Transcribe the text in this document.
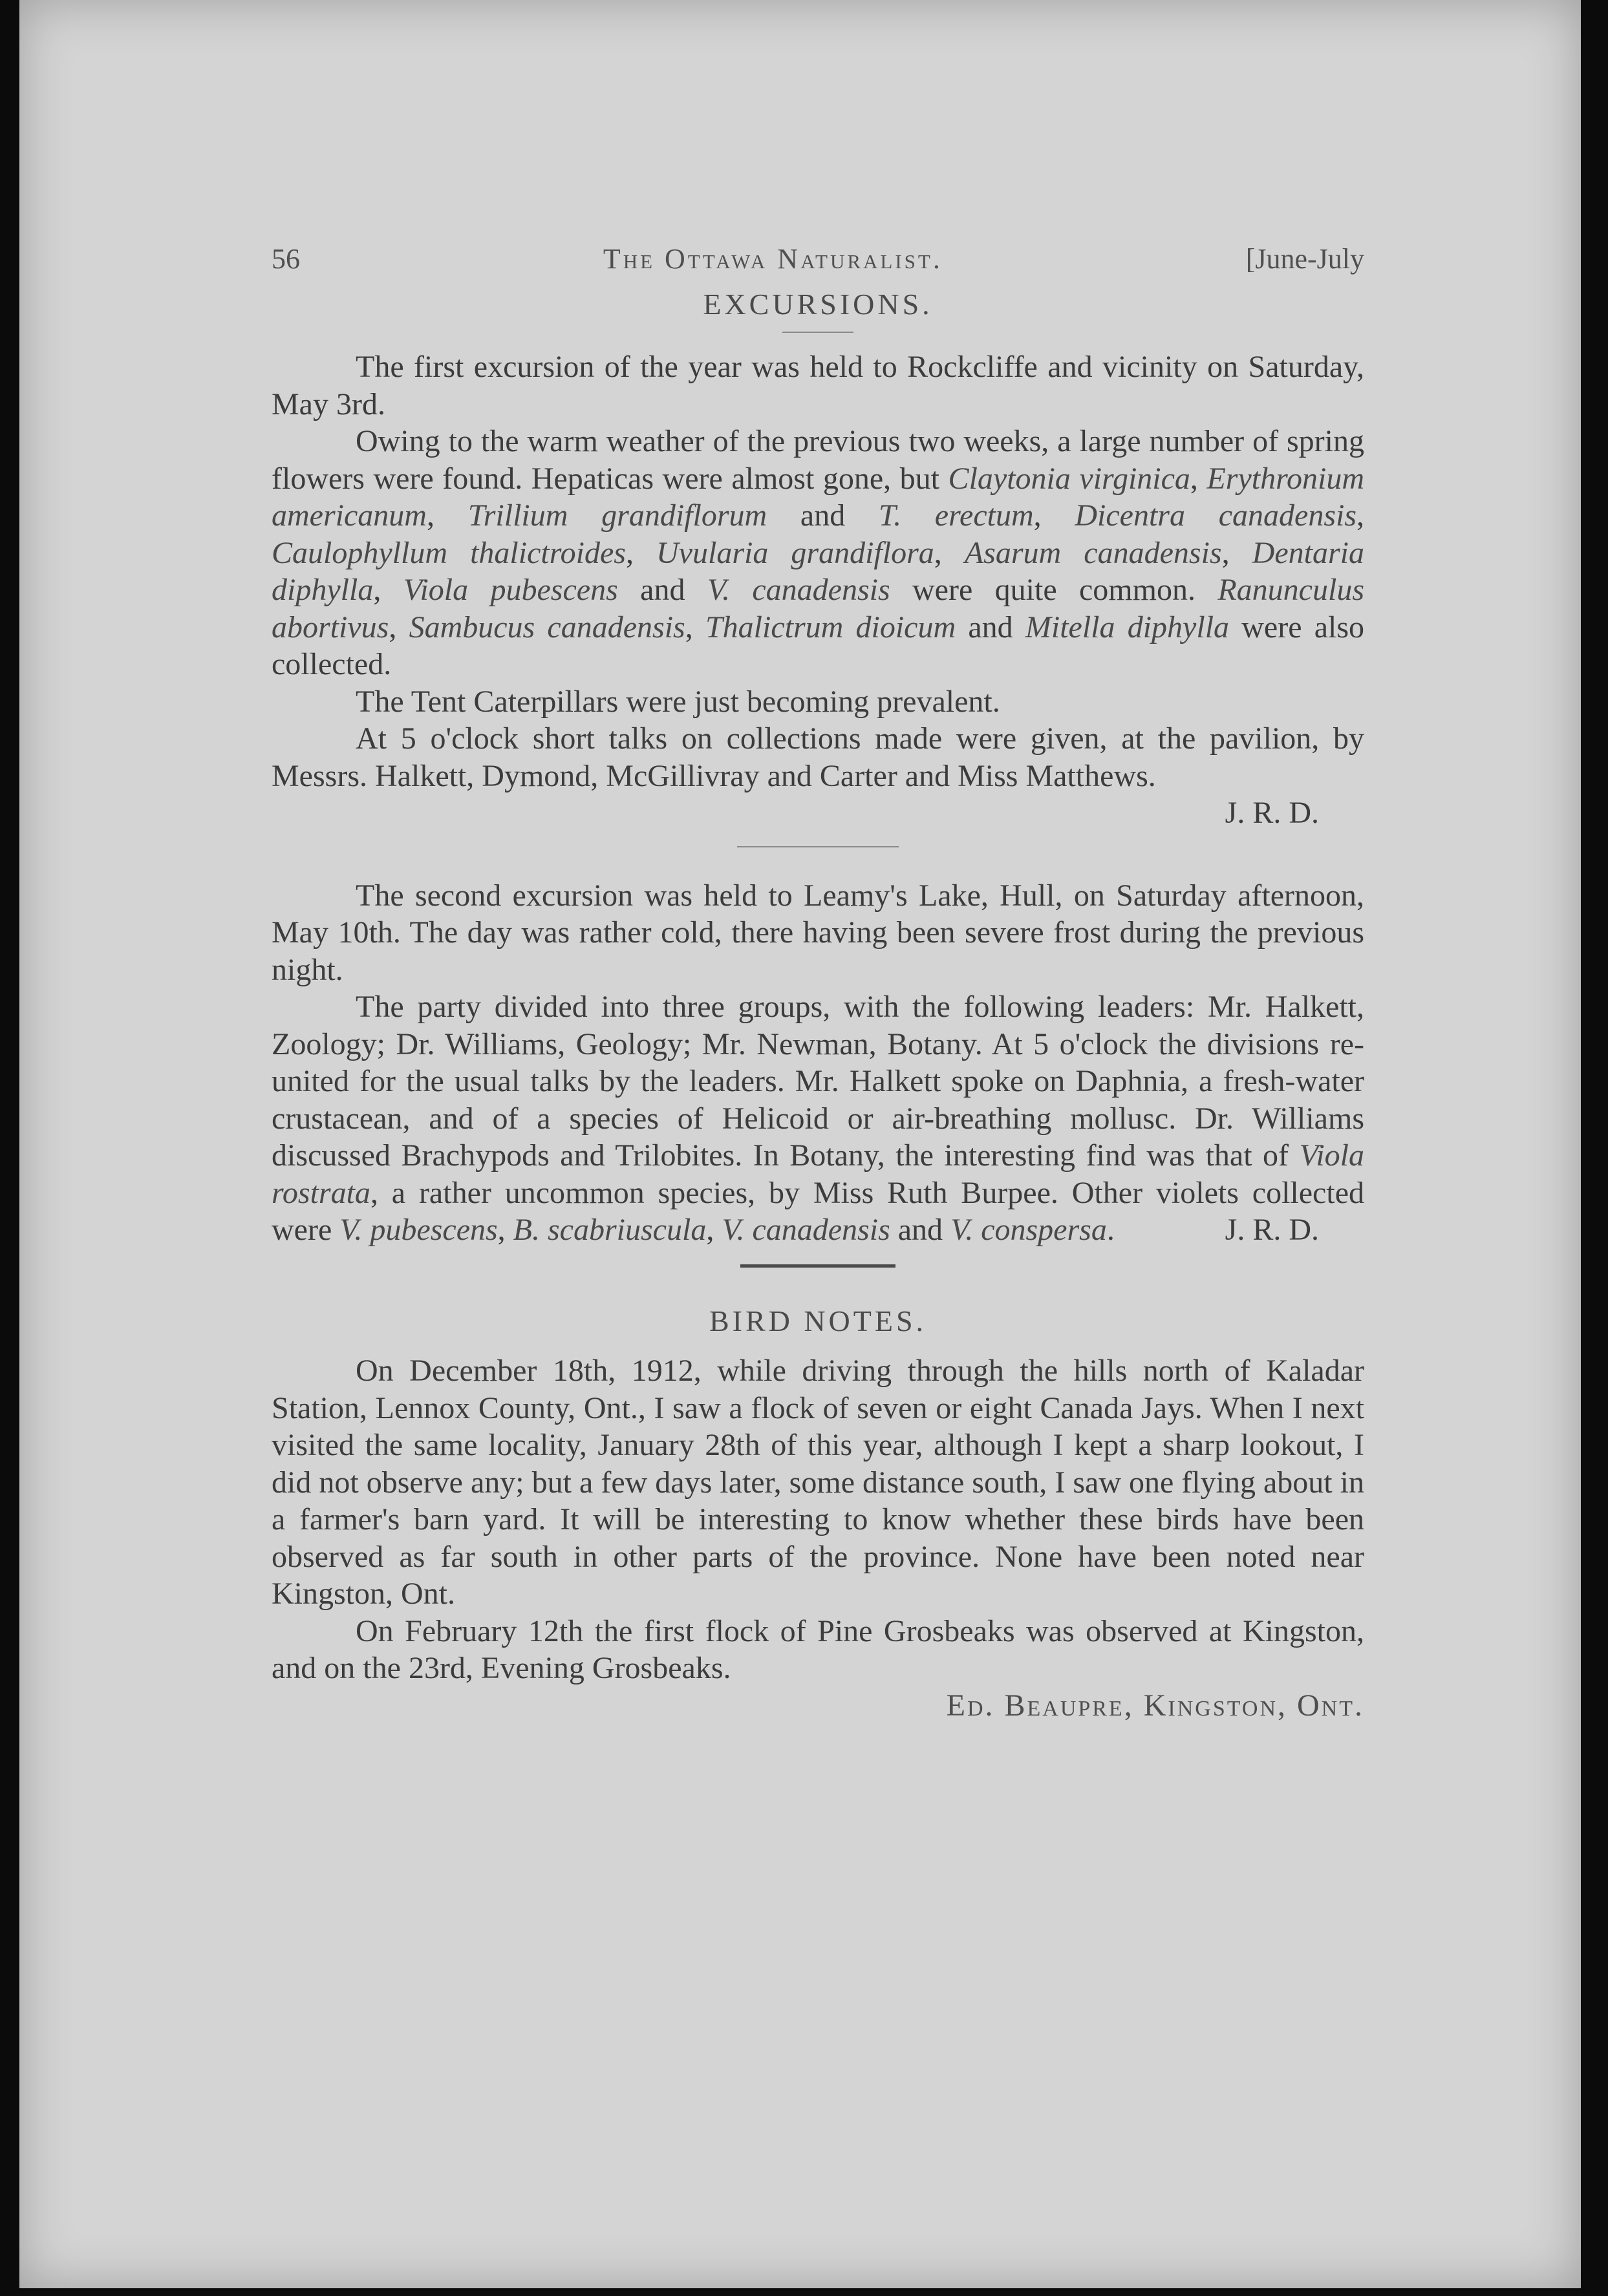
56	The Ottawa Naturalist.	[June-July
EXCURSIONS.

The first excursion of the year was held to Rockcliffe and vicinity on Saturday, May 3rd.

Owing to the warm weather of the previous two weeks, a large number of spring flowers were found. Hepaticas were almost gone, but Claytonia virginica, Erythronium americanum, Trillium grandiflorum and T. erectum, Dicentra canadensis, Caulophyllum thalictroides, Uvularia grandiflora, Asarum canadensis, Dentaria diphylla, Viola pubescens and V. canadensis were quite common. Ranunculus abortivus, Sambucus canadensis, Thalictrum dioicum and Mitella diphylla were also collected.

The Tent Caterpillars were just becoming prevalent.

At 5 o'clock short talks on collections made were given, at the pavilion, by Messrs. Halkett, Dymond, McGillivray and Carter and Miss Matthews.

J. R. D.

The second excursion was held to Leamy's Lake, Hull, on Saturday afternoon, May 10th. The day was rather cold, there having been severe frost during the previous night.

The party divided into three groups, with the following leaders: Mr. Halkett, Zoology; Dr. Williams, Geology; Mr. Newman, Botany. At 5 o'clock the divisions re-united for the usual talks by the leaders. Mr. Halkett spoke on Daphnia, a fresh-water crustacean, and of a species of Helicoid or air-breathing mollusc. Dr. Williams discussed Brachypods and Trilobites. In Botany, the interesting find was that of Viola rostrata, a rather uncommon species, by Miss Ruth Burpee. Other violets collected were V. pubescens, B. scabriuscula, V. canadensis and V. conspersa.	J. R. D.

BIRD NOTES.

On December 18th, 1912, while driving through the hills north of Kaladar Station, Lennox County, Ont., I saw a flock of seven or eight Canada Jays. When I next visited the same locality, January 28th of this year, although I kept a sharp lookout, I did not observe any; but a few days later, some distance south, I saw one flying about in a farmer's barn yard. It will be interesting to know whether these birds have been observed as far south in other parts of the province. None have been noted near Kingston, Ont.

On February 12th the first flock of Pine Grosbeaks was observed at Kingston, and on the 23rd, Evening Grosbeaks.

Ed. Beaupre, Kingston, Ont.
